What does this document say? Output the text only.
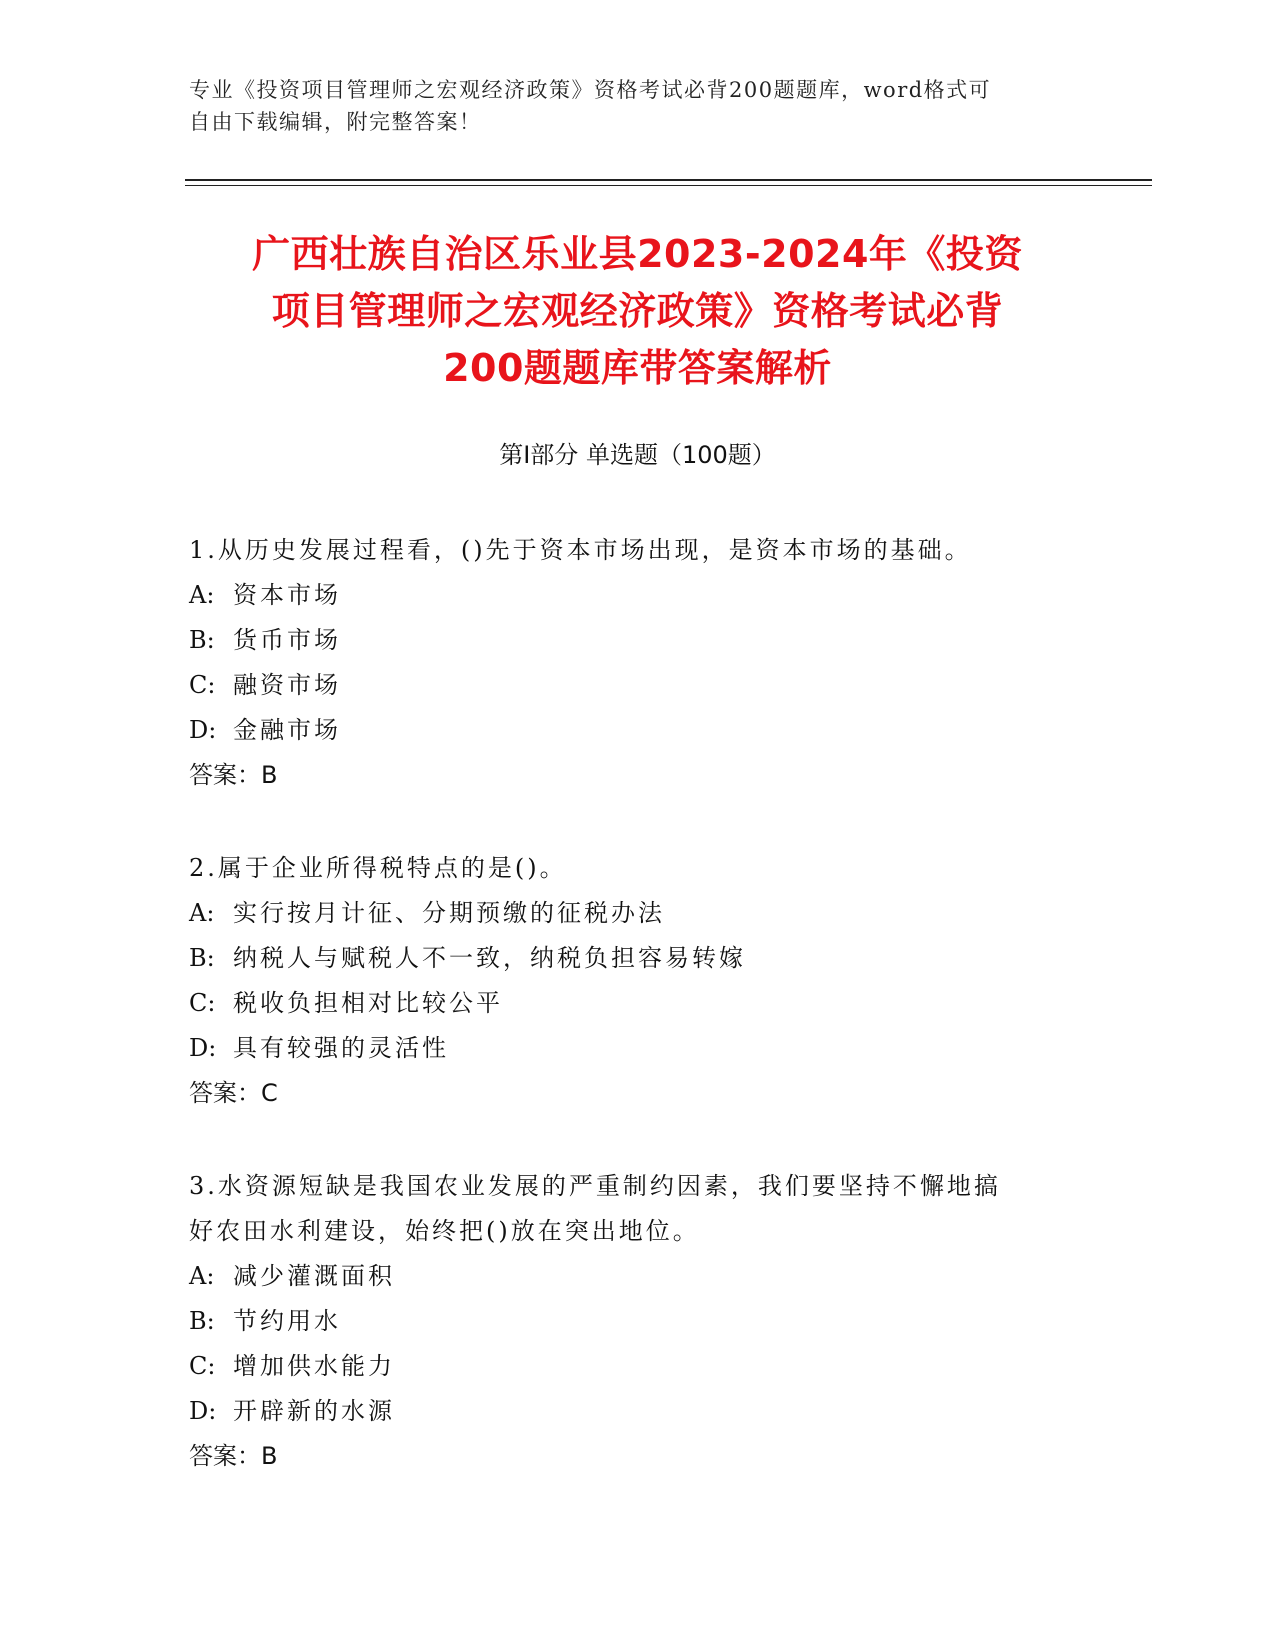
专业《投资项目管理师之宏观经济政策》资格考试必背200题题库，word格式可
自由下载编辑，附完整答案！
广西壮族自治区乐业县2023-2024年《投资
项目管理师之宏观经济政策》资格考试必背
200题题库带答案解析
第Ⅰ部分 单选题（100题）
1.从历史发展过程看，()先于资本市场出现，是资本市场的基础。
A: 资本市场
B: 货币市场
C: 融资市场
D: 金融市场
答案：B
2.属于企业所得税特点的是()。
A: 实行按月计征、分期预缴的征税办法
B: 纳税人与赋税人不一致，纳税负担容易转嫁
C: 税收负担相对比较公平
D: 具有较强的灵活性
答案：C
3.水资源短缺是我国农业发展的严重制约因素，我们要坚持不懈地搞
好农田水利建设，始终把()放在突出地位。
A: 减少灌溉面积
B: 节约用水
C: 增加供水能力
D: 开辟新的水源
答案：B
